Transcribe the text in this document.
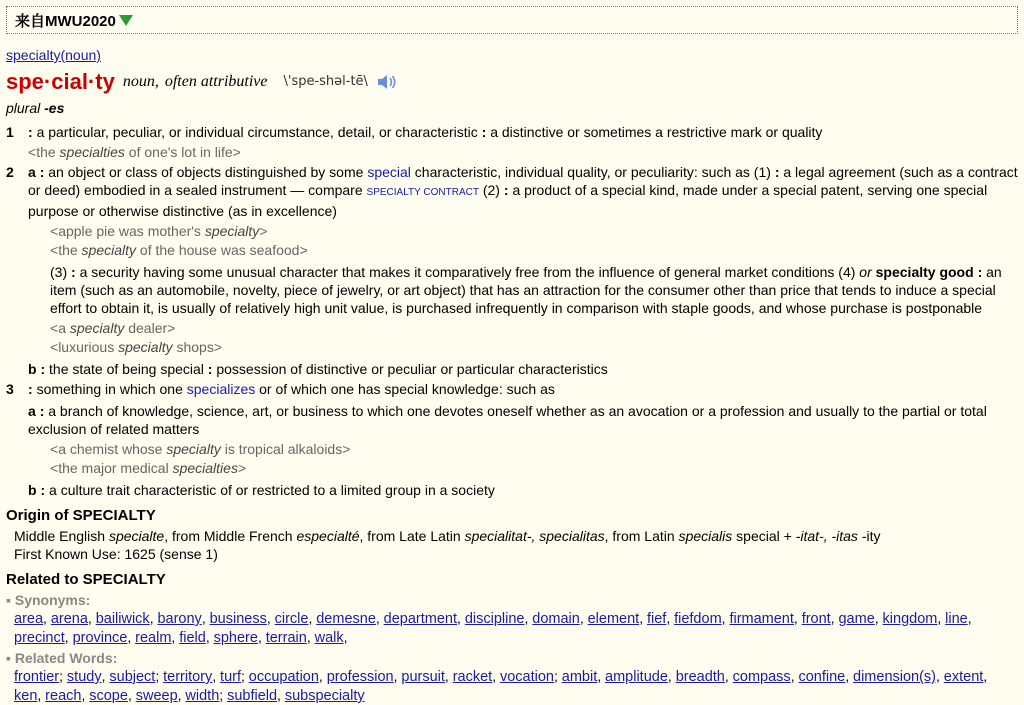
来自MWU2020
specialty(noun)
spe·cial·ty noun, often attributive \'spe-shəl-tē\
plural -es
1 : a particular, peculiar, or individual circumstance, detail, or characteristic : a distinctive or sometimes a restrictive mark or quality
<the specialties of one's lot in life>
2 a : an object or class of objects distinguished by some special characteristic, individual quality, or peculiarity: such as (1) : a legal agreement (such as a contract or deed) embodied in a sealed instrument — compare SPECIALTY CONTRACT (2) : a product of a special kind, made under a special patent, serving one special purpose or otherwise distinctive (as in excellence)
<apple pie was mother's specialty>
<the specialty of the house was seafood>
(3) : a security having some unusual character that makes it comparatively free from the influence of general market conditions (4) or specialty good : an item (such as an automobile, novelty, piece of jewelry, or art object) that has an attraction for the consumer other than price that tends to induce a special effort to obtain it, is usually of relatively high unit value, is purchased infrequently in comparison with staple goods, and whose purchase is postponable
<a specialty dealer>
<luxurious specialty shops>
b : the state of being special : possession of distinctive or peculiar or particular characteristics
3 : something in which one specializes or of which one has special knowledge: such as
a : a branch of knowledge, science, art, or business to which one devotes oneself whether as an avocation or a profession and usually to the partial or total exclusion of related matters
<a chemist whose specialty is tropical alkaloids>
<the major medical specialties>
b : a culture trait characteristic of or restricted to a limited group in a society
Origin of SPECIALTY
Middle English specialte, from Middle French especialté, from Late Latin specialitat-, specialitas, from Latin specialis special + -itat-, -itas -ity
First Known Use: 1625 (sense 1)
Related to SPECIALTY
▪ Synonyms:
area, arena, bailiwick, barony, business, circle, demesne, department, discipline, domain, element, fief, fiefdom, firmament, front, game, kingdom, line, precinct, province, realm, field, sphere, terrain, walk,
▪ Related Words:
frontier; study, subject; territory, turf; occupation, profession, pursuit, racket, vocation; ambit, amplitude, breadth, compass, confine, dimension(s), extent, ken, reach, scope, sweep, width; subfield, subspecialty
